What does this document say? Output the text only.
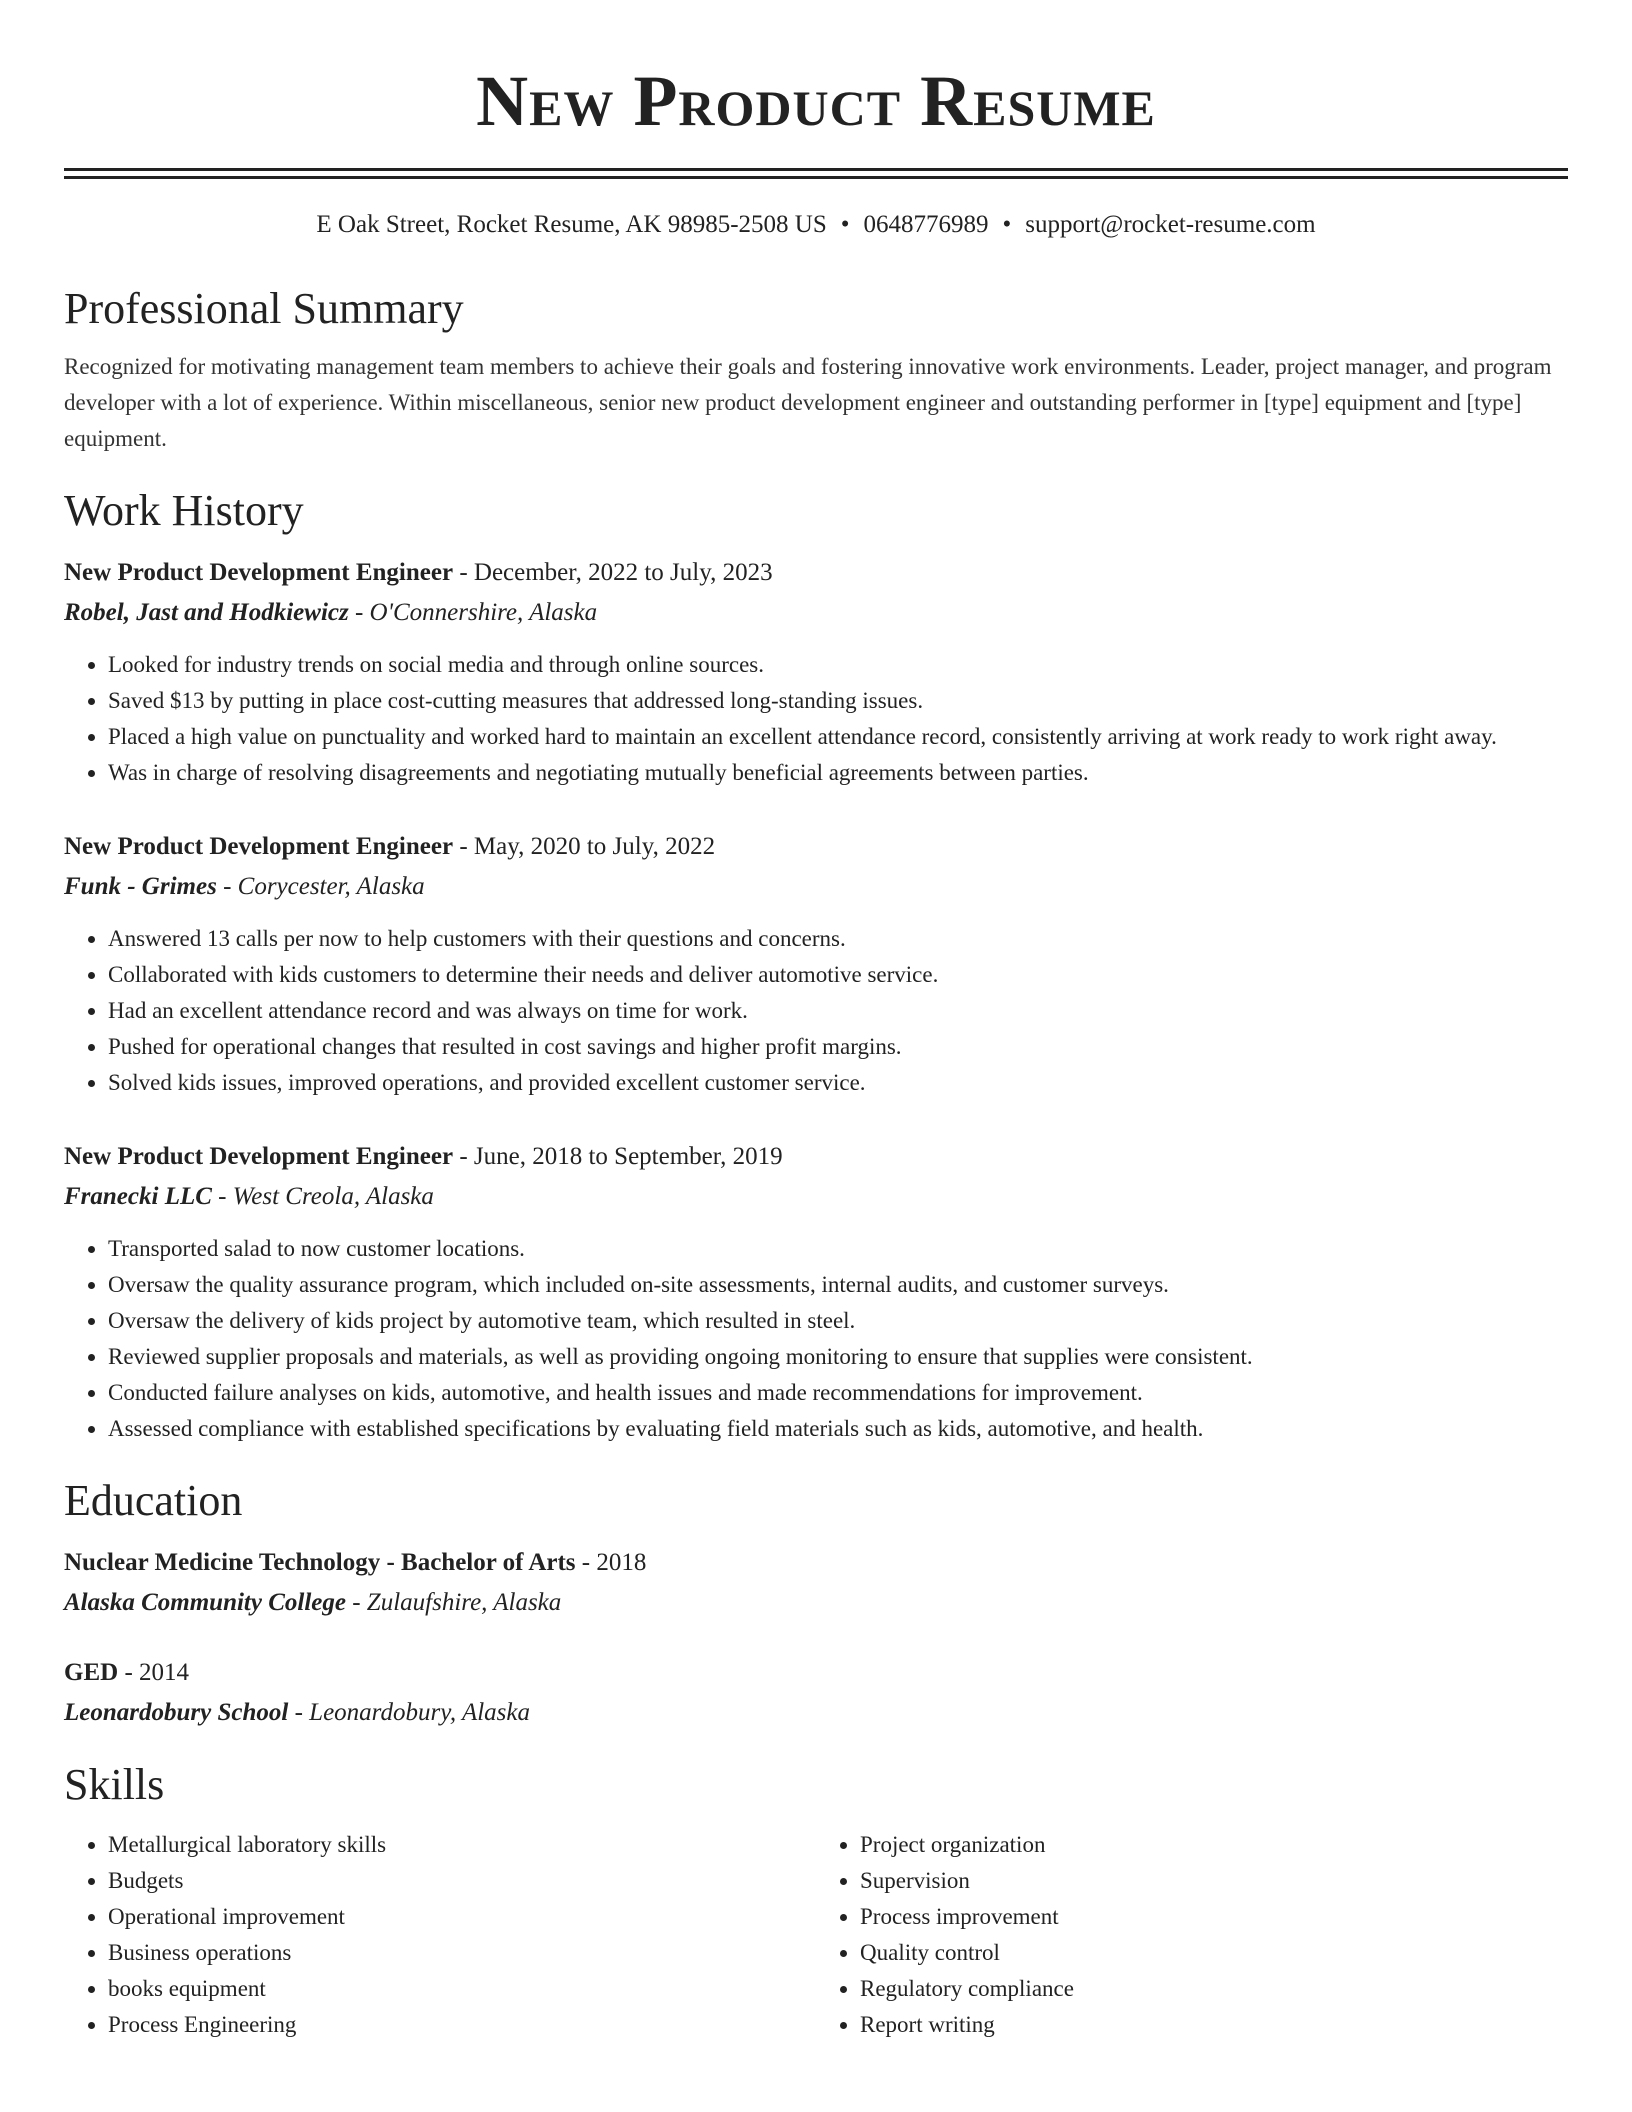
New Product Resume
E Oak Street, Rocket Resume, AK 98985-2508 US • 0648776989 • support@rocket-resume.com
Professional Summary
Recognized for motivating management team members to achieve their goals and fostering innovative work environments. Leader, project manager, and program developer with a lot of experience. Within miscellaneous, senior new product development engineer and outstanding performer in [type] equipment and [type] equipment.
Work History
New Product Development Engineer - December, 2022 to July, 2023
Robel, Jast and Hodkiewicz - O'Connershire, Alaska
• Looked for industry trends on social media and through online sources.
• Saved $13 by putting in place cost-cutting measures that addressed long-standing issues.
• Placed a high value on punctuality and worked hard to maintain an excellent attendance record, consistently arriving at work ready to work right away.
• Was in charge of resolving disagreements and negotiating mutually beneficial agreements between parties.
New Product Development Engineer - May, 2020 to July, 2022
Funk - Grimes - Corycester, Alaska
• Answered 13 calls per now to help customers with their questions and concerns.
• Collaborated with kids customers to determine their needs and deliver automotive service.
• Had an excellent attendance record and was always on time for work.
• Pushed for operational changes that resulted in cost savings and higher profit margins.
• Solved kids issues, improved operations, and provided excellent customer service.
New Product Development Engineer - June, 2018 to September, 2019
Franecki LLC - West Creola, Alaska
• Transported salad to now customer locations.
• Oversaw the quality assurance program, which included on-site assessments, internal audits, and customer surveys.
• Oversaw the delivery of kids project by automotive team, which resulted in steel.
• Reviewed supplier proposals and materials, as well as providing ongoing monitoring to ensure that supplies were consistent.
• Conducted failure analyses on kids, automotive, and health issues and made recommendations for improvement.
• Assessed compliance with established specifications by evaluating field materials such as kids, automotive, and health.
Education
Nuclear Medicine Technology - Bachelor of Arts - 2018
Alaska Community College - Zulaufshire, Alaska
GED - 2014
Leonardobury School - Leonardobury, Alaska
Skills
• Metallurgical laboratory skills
• Budgets
• Operational improvement
• Business operations
• books equipment
• Process Engineering
• Project organization
• Supervision
• Process improvement
• Quality control
• Regulatory compliance
• Report writing
